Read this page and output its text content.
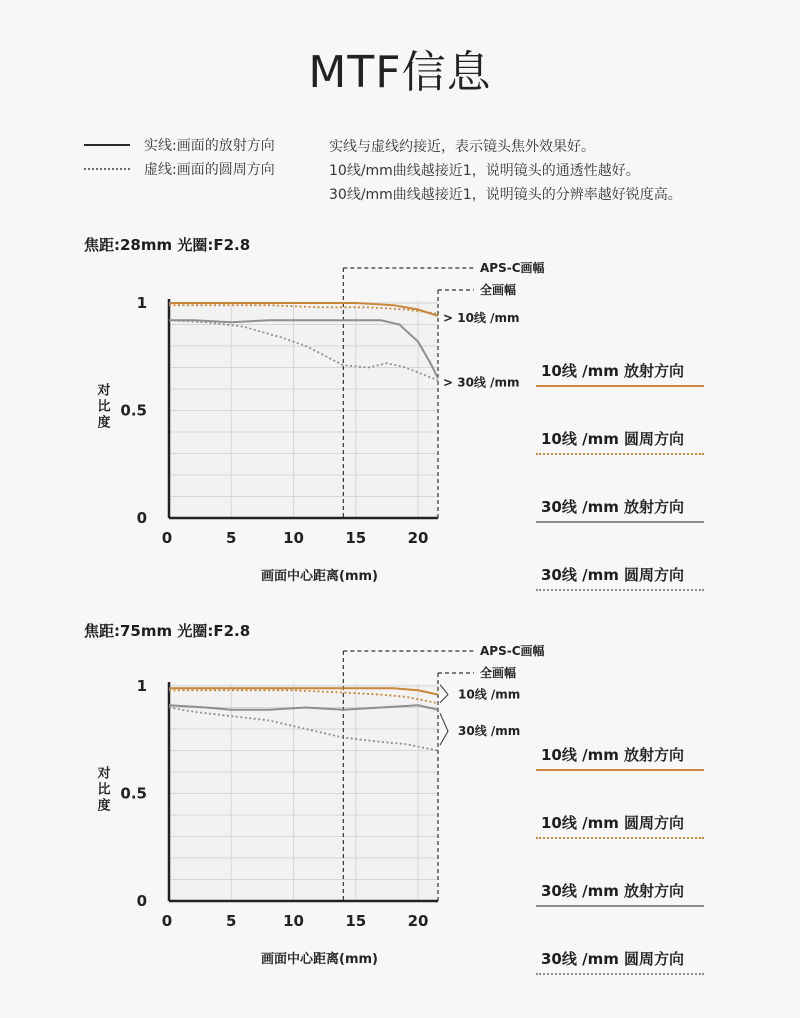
MTF信息
实线:画面的放射方向
虚线:画面的圆周方向
实线与虚线约接近，表示镜头焦外效果好。
10线/mm曲线越接近1，说明镜头的通透性越好。
30线/mm曲线越接近1，说明镜头的分辨率越好锐度高。
焦距:28mm 光圈:F2.8
0
0.5
1
0	5	10	15	20
对比度
画面中心距离(mm)
APS-C画幅
全画幅
> 10线 /mm
> 30线 /mm
10线 /mm 放射方向
10线 /mm 圆周方向
30线 /mm 放射方向
30线 /mm 圆周方向
焦距:75mm 光圈:F2.8
0
0.5
1
0	5	10	15	20
对比度
画面中心距离(mm)
APS-C画幅
全画幅
10线 /mm
30线 /mm
10线 /mm 放射方向
10线 /mm 圆周方向
30线 /mm 放射方向
30线 /mm 圆周方向
